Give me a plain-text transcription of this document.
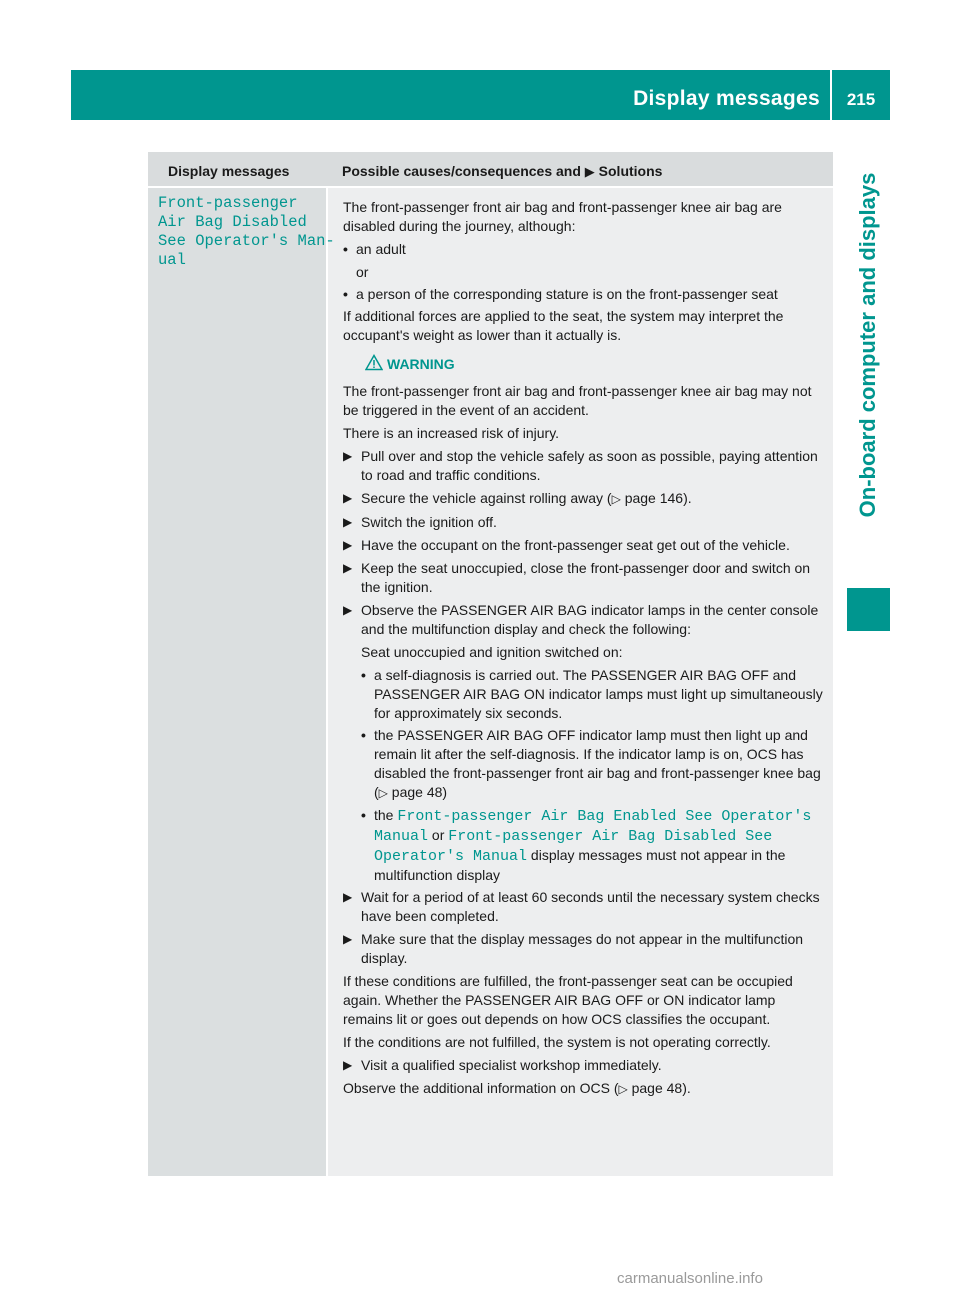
Display messages	215
On-board computer and displays
Display messages	Possible causes/consequences and ▶ Solutions
Front-passenger
Air Bag Disabled
See Operator's Man‐
ual

The front-passenger front air bag and front-passenger knee air bag are disabled during the journey, although:

• an adult
or
• a person of the corresponding stature is on the front-passenger seat

If additional forces are applied to the seat, the system may interpret the occupant's weight as lower than it actually is.

WARNING

The front-passenger front air bag and front-passenger knee air bag may not be triggered in the event of an accident.

There is an increased risk of injury.

▶ Pull over and stop the vehicle safely as soon as possible, paying attention to road and traffic conditions.
▶ Secure the vehicle against rolling away (▷ page 146).
▶ Switch the ignition off.
▶ Have the occupant on the front-passenger seat get out of the vehicle.
▶ Keep the seat unoccupied, close the front-passenger door and switch on the ignition.
▶ Observe the PASSENGER AIR BAG indicator lamps in the center console and the multifunction display and check the following:

Seat unoccupied and ignition switched on:

• a self-diagnosis is carried out. The PASSENGER AIR BAG OFF and PASSENGER AIR BAG ON indicator lamps must light up simultaneously for approximately six seconds.
• the PASSENGER AIR BAG OFF indicator lamp must then light up and remain lit after the self-diagnosis. If the indicator lamp is on, OCS has disabled the front-passenger front air bag and front-passenger knee bag (▷ page 48)
• the Front-passenger Air Bag Enabled See Operator's Manual or Front-passenger Air Bag Disabled See Operator's Manual display messages must not appear in the multifunction display
▶ Wait for a period of at least 60 seconds until the necessary system checks have been completed.
▶ Make sure that the display messages do not appear in the multifunction display.

If these conditions are fulfilled, the front-passenger seat can be occupied again. Whether the PASSENGER AIR BAG OFF or ON indicator lamp remains lit or goes out depends on how OCS classifies the occupant.

If the conditions are not fulfilled, the system is not operating correctly.

▶ Visit a qualified specialist workshop immediately.

Observe the additional information on OCS (▷ page 48).

carmanualsonline.info
